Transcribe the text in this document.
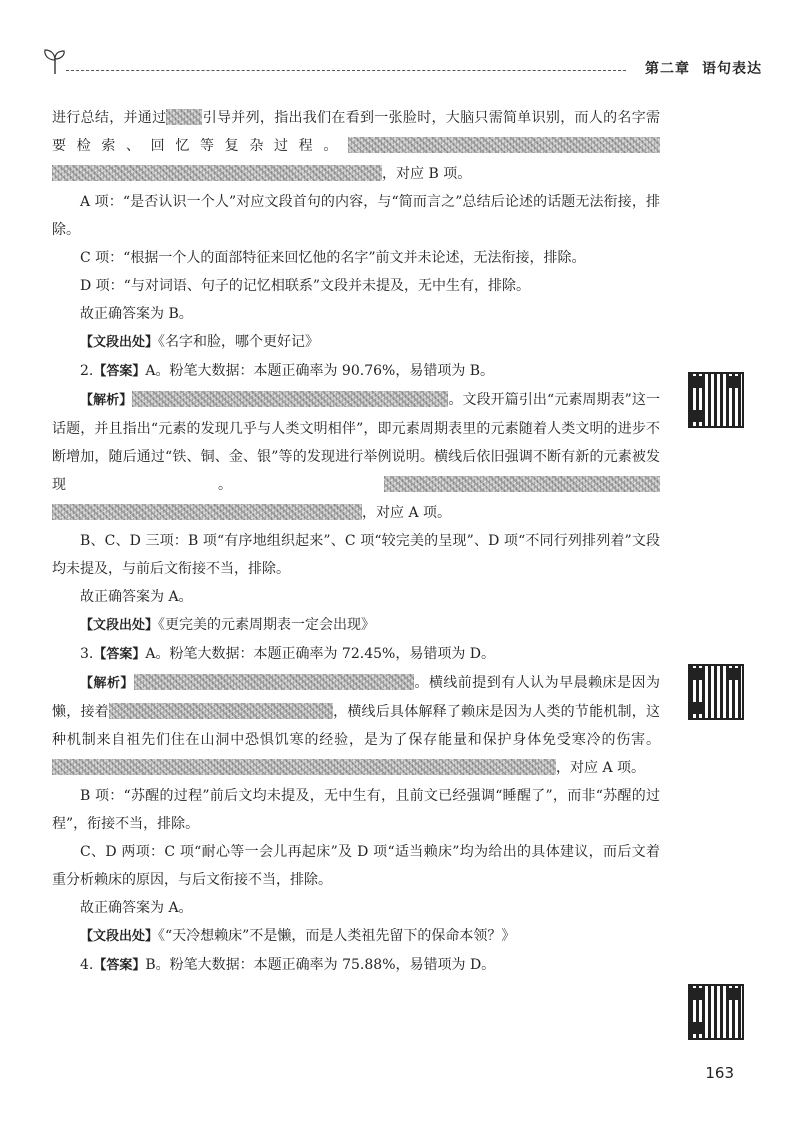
第二章 语句表达

进行总结，并通过	引导并列，指出我们在看到一张脸时，大脑只需简单识别，而人的名字需要检索、回忆等复杂过程。，对应 B 项。

A 项：“是否认识一个人”对应文段首句的内容，与“简而言之”总结后论述的话题无法衔接，排除。

C 项：“根据一个人的面部特征来回忆他的名字”前文并未论述，无法衔接，排除。

D 项：“与对词语、句子的记忆相联系”文段并未提及，无中生有，排除。

故正确答案为 B。

【文段出处】《名字和脸，哪个更好记》

2.【答案】A。粉笔大数据：本题正确率为 90.76%，易错项为 B。

【解析】	。文段开篇引出“元素周期表”这一话题，并且指出“元素的发现几乎与人类文明相伴”，即元素周期表里的元素随着人类文明的进步不断增加，随后通过“铁、铜、金、银”等的发现进行举例说明。横线后依旧强调不断有新的元素被发现。，对应 A 项。

B、C、D 三项：B 项“有序地组织起来”、C 项“较完美的呈现”、D 项“不同行列排列着”文段均未提及，与前后文衔接不当，排除。

故正确答案为 A。

【文段出处】《更完美的元素周期表一定会出现》

3.【答案】A。粉笔大数据：本题正确率为 72.45%，易错项为 D。

【解析】	。横线前提到有人认为早晨赖床是因为懒，接着	，横线后具体解释了赖床是因为人类的节能机制，这种机制来自祖先们住在山洞中恐惧饥寒的经验，是为了保存能量和保护身体免受寒冷的伤害。，对应 A 项。

B 项：“苏醒的过程”前后文均未提及，无中生有，且前文已经强调“睡醒了”，而非“苏醒的过程”，衔接不当，排除。

C、D 两项：C 项“耐心等一会儿再起床”及 D 项“适当赖床”均为给出的具体建议，而后文着重分析赖床的原因，与后文衔接不当，排除。

故正确答案为 A。

【文段出处】《“天冷想赖床”不是懒，而是人类祖先留下的保命本领？》

4.【答案】B。粉笔大数据：本题正确率为 75.88%，易错项为 D。

163
